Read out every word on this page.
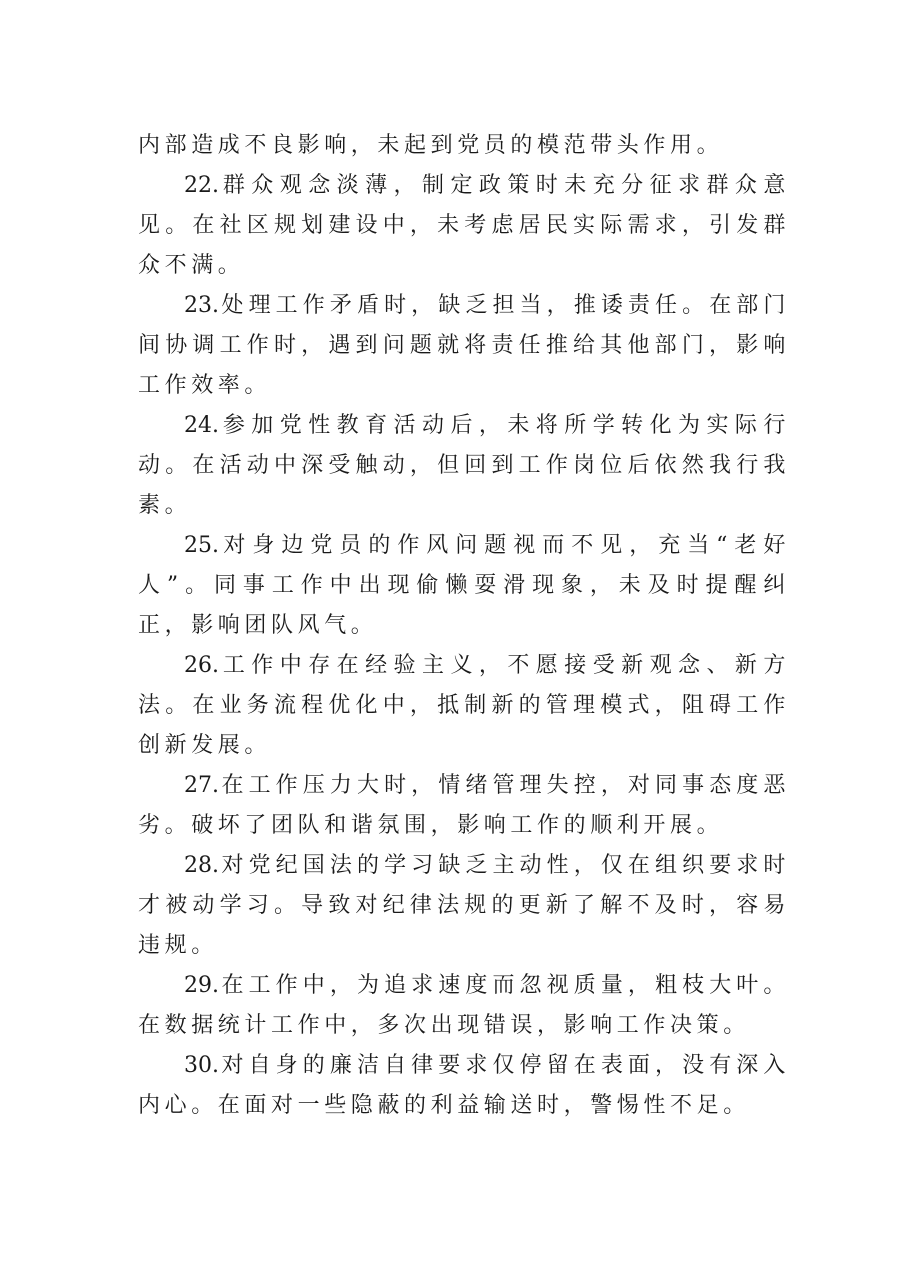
内部造成不良影响，未起到党员的模范带头作用。

22.群众观念淡薄，制定政策时未充分征求群众意见。在社区规划建设中，未考虑居民实际需求，引发群众不满。

23.处理工作矛盾时，缺乏担当，推诿责任。在部门间协调工作时，遇到问题就将责任推给其他部门，影响工作效率。

24.参加党性教育活动后，未将所学转化为实际行动。在活动中深受触动，但回到工作岗位后依然我行我素。

25.对身边党员的作风问题视而不见，充当“老好人”。同事工作中出现偷懒耍滑现象，未及时提醒纠正，影响团队风气。

26.工作中存在经验主义，不愿接受新观念、新方法。在业务流程优化中，抵制新的管理模式，阻碍工作创新发展。

27.在工作压力大时，情绪管理失控，对同事态度恶劣。破坏了团队和谐氛围，影响工作的顺利开展。

28.对党纪国法的学习缺乏主动性，仅在组织要求时才被动学习。导致对纪律法规的更新了解不及时，容易违规。

29.在工作中，为追求速度而忽视质量，粗枝大叶。在数据统计工作中，多次出现错误，影响工作决策。

30.对自身的廉洁自律要求仅停留在表面，没有深入内心。在面对一些隐蔽的利益输送时，警惕性不足。
